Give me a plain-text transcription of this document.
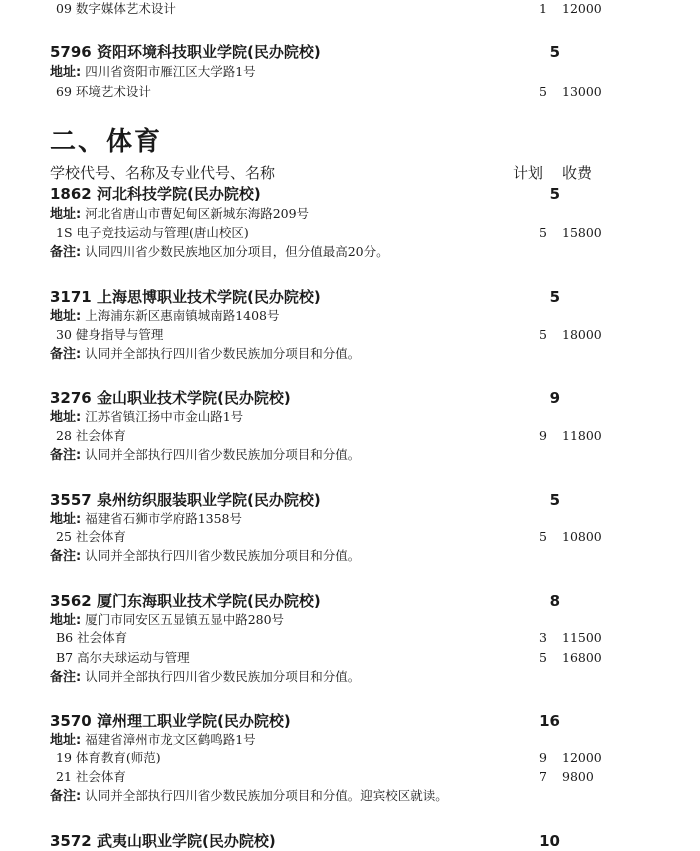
09 数字媒体艺术设计	1 12000
5796 资阳环境科技职业学院(民办院校)	5
地址: 四川省资阳市雁江区大学路1号
69 环境艺术设计	5 13000
二、体育
学校代号、名称及专业代号、名称	计划 收费
1862 河北科技学院(民办院校)	5
地址: 河北省唐山市曹妃甸区新城东海路209号
1S 电子竞技运动与管理(唐山校区)	5 15800
备注: 认同四川省少数民族地区加分项目，但分值最高20分。
3171 上海思博职业技术学院(民办院校)	5
地址: 上海浦东新区惠南镇城南路1408号
30 健身指导与管理	5 18000
备注: 认同并全部执行四川省少数民族加分项目和分值。
3276 金山职业技术学院(民办院校)	9
地址: 江苏省镇江扬中市金山路1号
28 社会体育	9 11800
备注: 认同并全部执行四川省少数民族加分项目和分值。
3557 泉州纺织服装职业学院(民办院校)	5
地址: 福建省石狮市学府路1358号
25 社会体育	5 10800
备注: 认同并全部执行四川省少数民族加分项目和分值。
3562 厦门东海职业技术学院(民办院校)	8
地址: 厦门市同安区五显镇五显中路280号
B6 社会体育	3 11500
B7 高尔夫球运动与管理	5 16800
备注: 认同并全部执行四川省少数民族加分项目和分值。
3570 漳州理工职业学院(民办院校)	16
地址: 福建省漳州市龙文区鹤鸣路1号
19 体育教育(师范)	9 12000
21 社会体育	7 9800
备注: 认同并全部执行四川省少数民族加分项目和分值。迎宾校区就读。
3572 武夷山职业学院(民办院校)	10
